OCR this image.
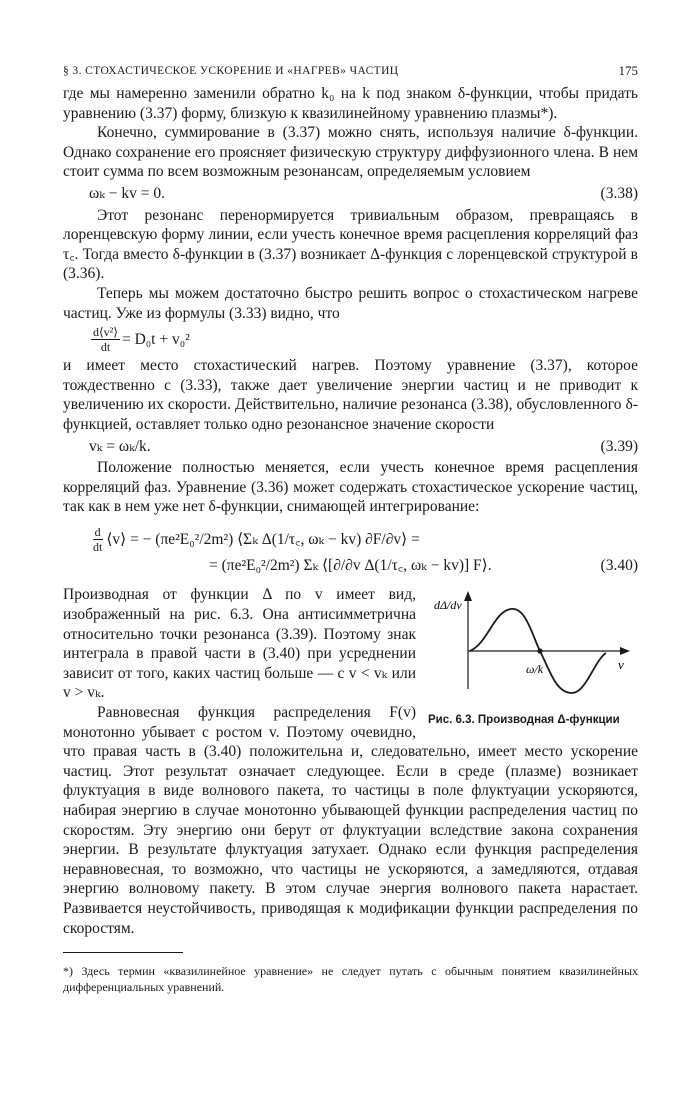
§ 3. СТОХАСТИЧЕСКОЕ УСКОРЕНИЕ И «НАГРЕВ» ЧАСТИЦ	175

где мы намеренно заменили обратно k₀ на k под знаком δ-функции, чтобы придать уравнению (3.37) форму, близкую к квазилинейному уравнению плазмы*).

Конечно, суммирование в (3.37) можно снять, используя наличие δ-функции. Однако сохранение его проясняет физическую структуру диффузионного члена. В нем стоит сумма по всем возможным резонансам, определяемым условием

ωₖ − kv = 0.	(3.38)

Этот резонанс перенормируется тривиальным образом, превращаясь в лоренцевскую форму линии, если учесть конечное время расцепления корреляций фаз τ꜀. Тогда вместо δ-функции в (3.37) возникает Δ-функция с лоренцевской структурой в (3.36).

Теперь мы можем достаточно быстро решить вопрос о стохастическом нагреве частиц. Уже из формулы (3.33) видно, что

$\frac{\text{d⟨v²⟩}}{dt} = D_0t + v_0^2$

и имеет место стохастический нагрев. Поэтому уравнение (3.37), которое тождественно с (3.33), также дает увеличение энергии частиц и не приводит к увеличению их скорости. Действительно, наличие резонанса (3.38), обусловленного δ-функцией, оставляет только одно резонансное значение скорости

vₖ = ωₖ/k.	(3.39)

Положение полностью меняется, если учесть конечное время расцепления корреляций фаз. Уравнение (3.36) может содержать стохастическое ускорение частиц, так как в нем уже нет δ-функции, снимающей интегрирование:

$\frac{d}{dt}$ ⟨v⟩ = − (πe²E₀²/2m²) ⟨Σₖ Δ(1/τ꜀, ωₖ − kv) ∂F/∂v⟩ =
= (πe²E₀²/2m²) Σₖ ⟨[∂/∂v Δ(1/τ꜀, ωₖ − kv)] F⟩.	(3.40)
dΔ/dv
v
ω/k
Рис. 6.3. Производная Δ-функции

Производная от функции Δ по v имеет вид, изображенный на рис. 6.3. Она антисимметрична относительно точки резонанса (3.39). Поэтому знак интеграла в правой части в (3.40) при усреднении зависит от того, каких частиц больше — с v < vₖ или v > vₖ.

Равновесная функция распределения F(v) монотонно убывает с ростом v. Поэтому очевидно, что правая часть в (3.40) положительна и, следовательно, имеет место ускорение частиц. Этот результат означает следующее. Если в среде (плазме) возникает флуктуация в виде волнового пакета, то частицы в поле флуктуации ускоряются, набирая энергию в случае монотонно убывающей функции распределения частиц по скоростям. Эту энергию они берут от флуктуации вследствие закона сохранения энергии. В результате флуктуация затухает. Однако если функция распределения неравновесная, то возможно, что частицы не ускоряются, а замедляются, отдавая энергию волновому пакету. В этом случае энергия волнового пакета нарастает. Развивается неустойчивость, приводящая к модификации функции распределения по скоростям.

*) Здесь термин «квазилинейное уравнение» не следует путать с обычным понятием квазилинейных дифференциальных уравнений.
